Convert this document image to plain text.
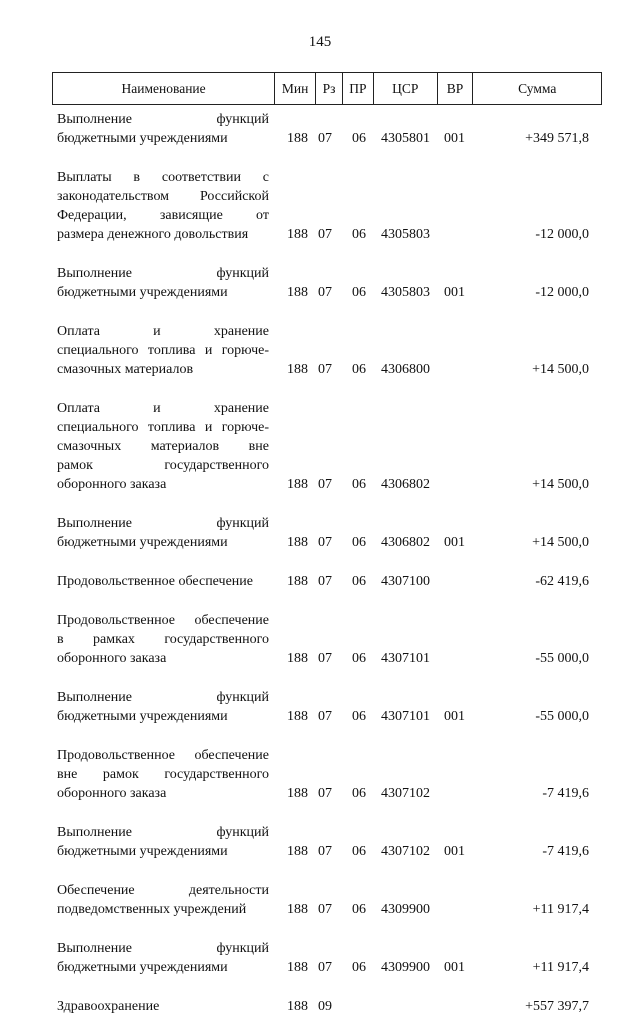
145
Наименование	Мин	Рз	ПР	ЦСР	ВР	Сумма
Выполнение функций
бюджетными учреждениями	188 07 06 4305801 001	+349 571,8
Выплаты в соответствии с
законодательством Российской
Федерации, зависящие от
размера денежного довольствия	188 07 06 4305803	-12 000,0
Выполнение функций
бюджетными учреждениями	188 07 06 4305803 001	-12 000,0
Оплата и хранение
специального топлива и горюче-
смазочных материалов	188 07 06 4306800	+14 500,0
Оплата и хранение
специального топлива и горюче-
смазочных материалов вне
рамок государственного
оборонного заказа	188 07 06 4306802	+14 500,0
Выполнение функций
бюджетными учреждениями	188 07 06 4306802 001	+14 500,0
Продовольственное обеспечение	188 07 06 4307100	-62 419,6
Продовольственное обеспечение
в рамках государственного
оборонного заказа	188 07 06 4307101	-55 000,0
Выполнение функций
бюджетными учреждениями	188 07 06 4307101 001	-55 000,0
Продовольственное обеспечение
вне рамок государственного
оборонного заказа	188 07 06 4307102	-7 419,6
Выполнение функций
бюджетными учреждениями	188 07 06 4307102 001	-7 419,6
Обеспечение деятельности
подведомственных учреждений	188 07 06 4309900	+11 917,4
Выполнение функций
бюджетными учреждениями	188 07 06 4309900 001	+11 917,4
Здравоохранение	188 09	+557 397,7
